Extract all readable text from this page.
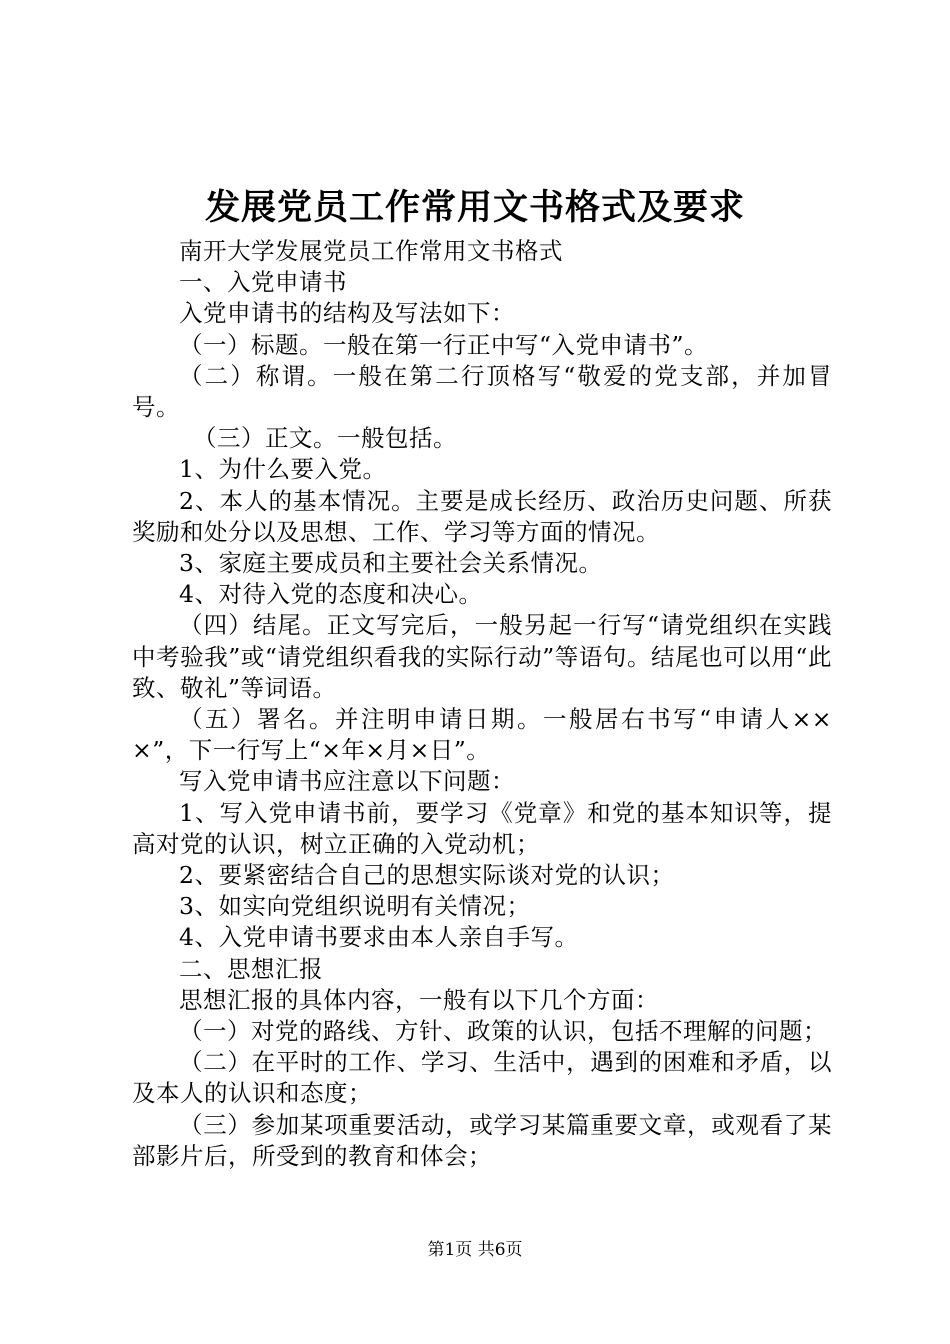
发展党员工作常用文书格式及要求

南开大学发展党员工作常用文书格式

一、入党申请书

入党申请书的结构及写法如下：

（一）标题。一般在第一行正中写“入党申请书”。

（二）称谓。一般在第二行顶格写“敬爱的党支部，并加冒号。

（三）正文。一般包括。

1、为什么要入党。

2、本人的基本情况。主要是成长经历、政治历史问题、所获奖励和处分以及思想、工作、学习等方面的情况。

3、家庭主要成员和主要社会关系情况。

4、对待入党的态度和决心。

（四）结尾。正文写完后，一般另起一行写“请党组织在实践中考验我”或“请党组织看我的实际行动”等语句。结尾也可以用“此致、敬礼”等词语。

（五）署名。并注明申请日期。一般居右书写“申请人×××”，下一行写上“×年×月×日”。

写入党申请书应注意以下问题：

1、写入党申请书前，要学习《党章》和党的基本知识等，提高对党的认识，树立正确的入党动机；

2、要紧密结合自己的思想实际谈对党的认识；

3、如实向党组织说明有关情况；

4、入党申请书要求由本人亲自手写。

二、思想汇报

思想汇报的具体内容，一般有以下几个方面：

（一）对党的路线、方针、政策的认识，包括不理解的问题；

（二）在平时的工作、学习、生活中，遇到的困难和矛盾，以及本人的认识和态度；

（三）参加某项重要活动，或学习某篇重要文章，或观看了某部影片后，所受到的教育和体会；

第1页 共6页
